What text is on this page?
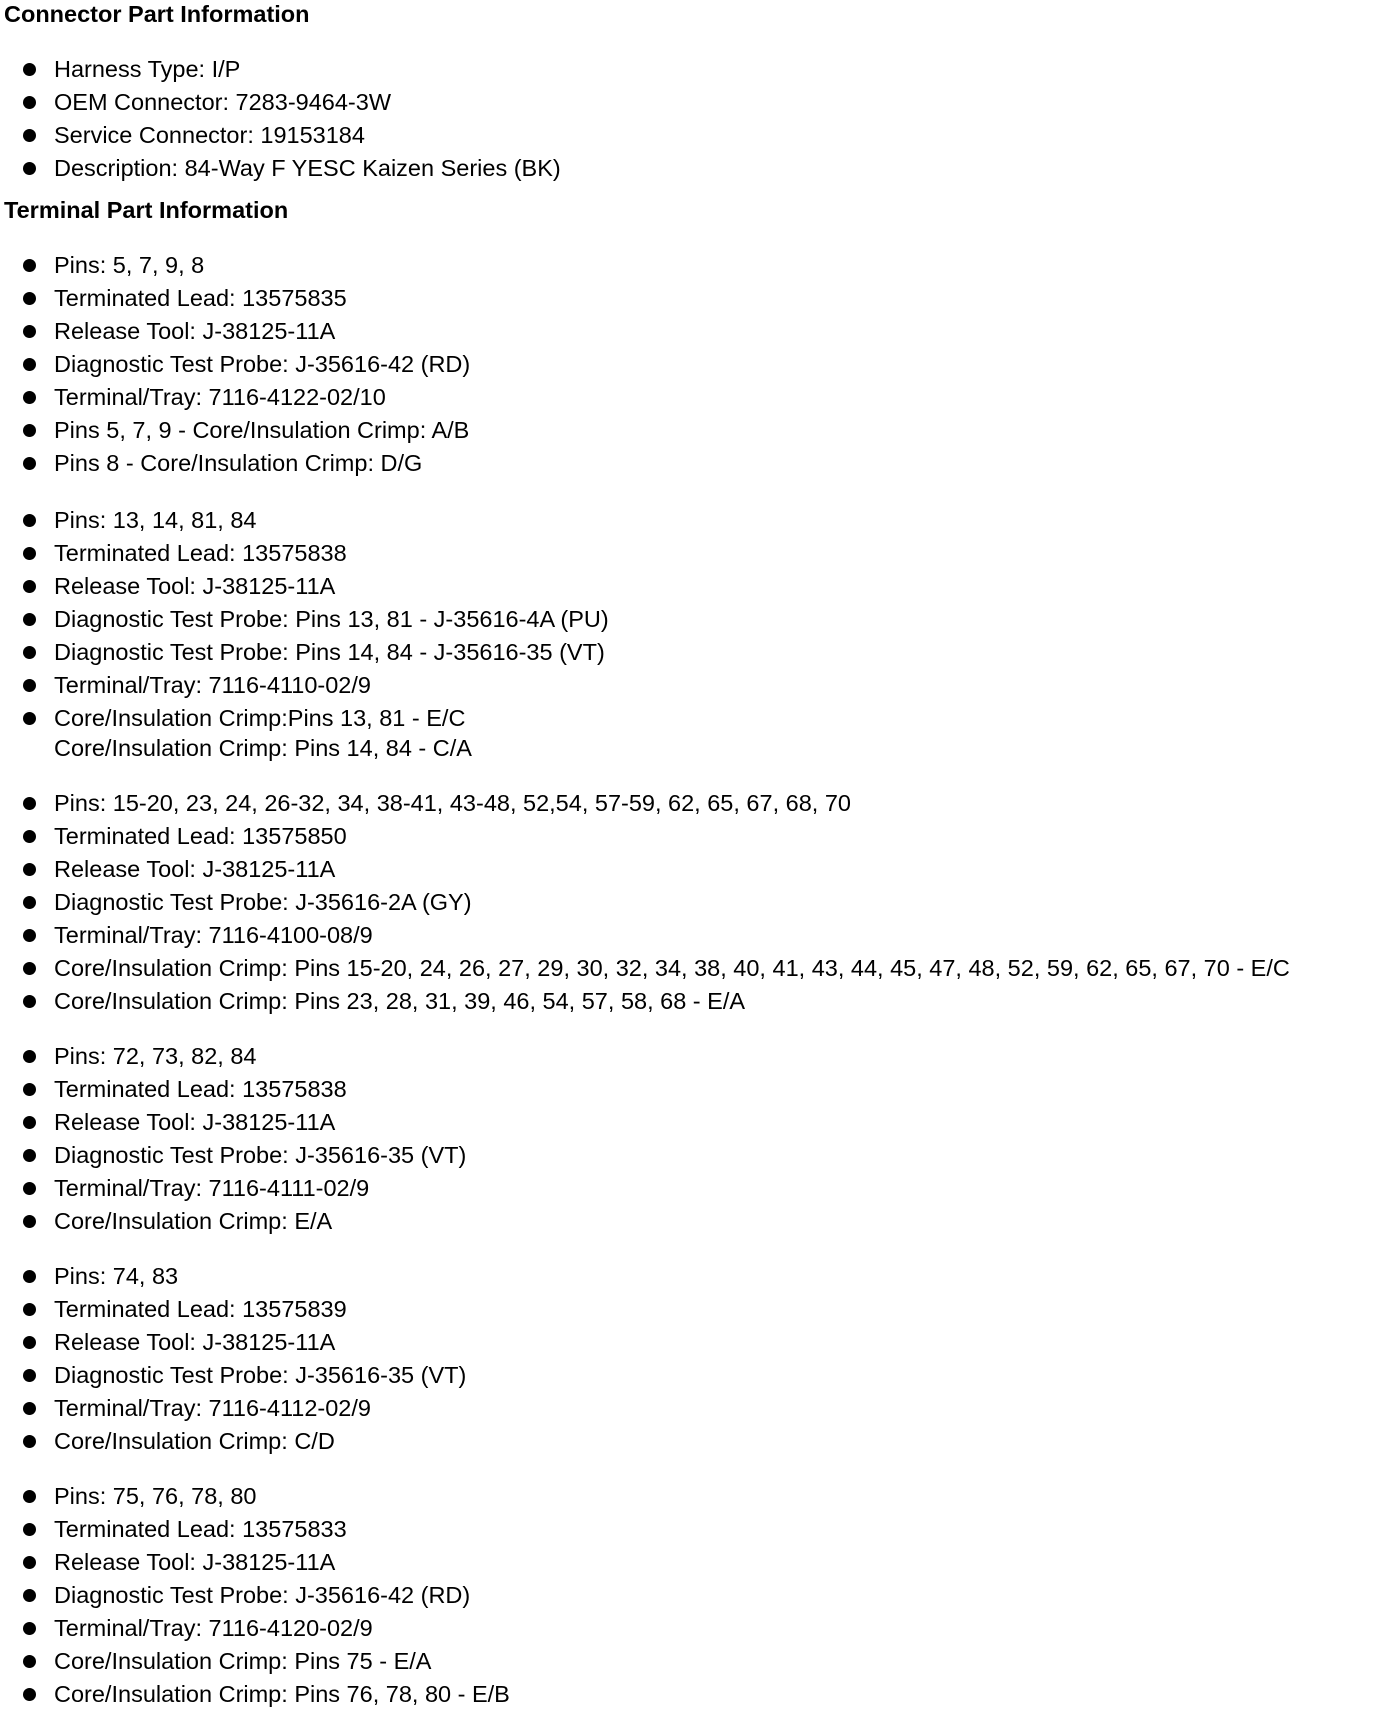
Connector Part Information
Harness Type: I/P
OEM Connector: 7283-9464-3W
Service Connector: 19153184
Description: 84-Way F YESC Kaizen Series (BK)
Terminal Part Information
Pins: 5, 7, 9, 8
Terminated Lead: 13575835
Release Tool: J-38125-11A
Diagnostic Test Probe: J-35616-42 (RD)
Terminal/Tray: 7116-4122-02/10
Pins 5, 7, 9 - Core/Insulation Crimp: A/B
Pins 8 - Core/Insulation Crimp: D/G
Pins: 13, 14, 81, 84
Terminated Lead: 13575838
Release Tool: J-38125-11A
Diagnostic Test Probe: Pins 13, 81 - J-35616-4A (PU)
Diagnostic Test Probe: Pins 14, 84 - J-35616-35 (VT)
Terminal/Tray: 7116-4110-02/9
Core/Insulation Crimp:Pins 13, 81 - E/C
Core/Insulation Crimp: Pins 14, 84 - C/A
Pins: 15-20, 23, 24, 26-32, 34, 38-41, 43-48, 52,54, 57-59, 62, 65, 67, 68, 70
Terminated Lead: 13575850
Release Tool: J-38125-11A
Diagnostic Test Probe: J-35616-2A (GY)
Terminal/Tray: 7116-4100-08/9
Core/Insulation Crimp: Pins 15-20, 24, 26, 27, 29, 30, 32, 34, 38, 40, 41, 43, 44, 45, 47, 48, 52, 59, 62, 65, 67, 70 - E/C
Core/Insulation Crimp: Pins 23, 28, 31, 39, 46, 54, 57, 58, 68 - E/A
Pins: 72, 73, 82, 84
Terminated Lead: 13575838
Release Tool: J-38125-11A
Diagnostic Test Probe: J-35616-35 (VT)
Terminal/Tray: 7116-4111-02/9
Core/Insulation Crimp: E/A
Pins: 74, 83
Terminated Lead: 13575839
Release Tool: J-38125-11A
Diagnostic Test Probe: J-35616-35 (VT)
Terminal/Tray: 7116-4112-02/9
Core/Insulation Crimp: C/D
Pins: 75, 76, 78, 80
Terminated Lead: 13575833
Release Tool: J-38125-11A
Diagnostic Test Probe: J-35616-42 (RD)
Terminal/Tray: 7116-4120-02/9
Core/Insulation Crimp: Pins 75 - E/A
Core/Insulation Crimp: Pins 76, 78, 80 - E/B
